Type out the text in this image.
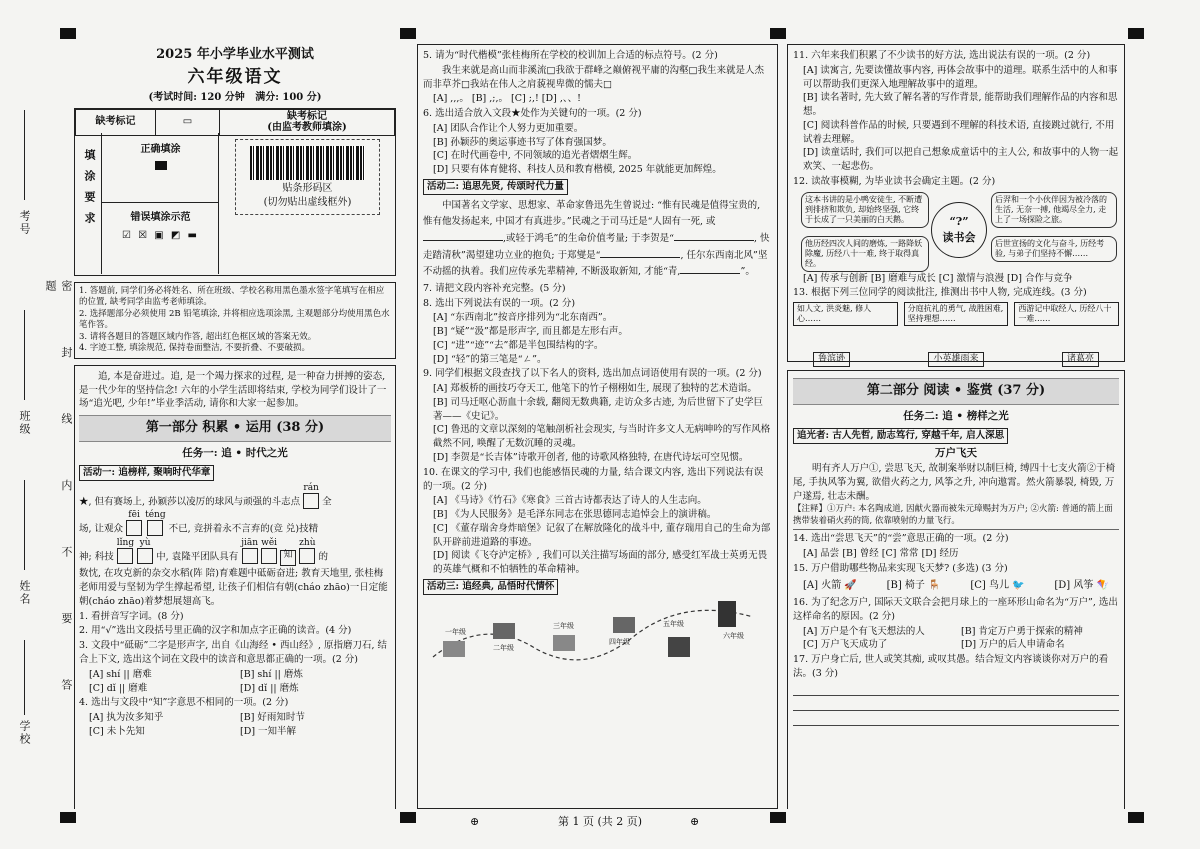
考号
班级
姓名
学校
密 封 线 内 不 要 答 题
2025 年小学毕业水平测试
六年级语文
(考试时间: 120 分钟 满分: 100 分)
缺考标记	▭	缺考标记
(由监考教师填涂)
填涂要求	正确填涂
错误填涂示范
☑ ☒ ▣ ◩ ▬
贴条形码区
(切勿贴出虚线框外)

1. 答题前, 同学们务必将姓名、所在班级、学校名称用黑色墨水签字笔填写在相应的位置, 缺考同学由监考老师填涂。

2. 选择题部分必须使用 2B 铅笔填涂, 并将相应选项涂黑, 主观题部分均使用黑色水笔作答。

3. 请将各题目的答题区域内作答, 超出红色框区域的答案无效。

4. 字迹工整, 填涂规范, 保持卷面整洁, 不要折叠、不要破损。

追, 本是奋进过。追, 是一个竭力探求的过程, 是一种奋力拼搏的姿态, 是一代少年的坚持信念! 六年的小学生活即将结束, 学校为同学们设计了一场“追光吧, 少年!”毕业季活动, 请你和大家一起参加。

第一部分 积累 • 运用 (38 分)
任务一: 追 • 时代之光
活动一: 追榜样, 聚响时代华章
★, 但有赛场上, 孙颖莎以凌厉的球风与顽强的斗志点
rán
全
场, 让观众
fēi
téng
不已, 竞拼着永不言弃的(竞 兑)技精
神; 科技
lǐng
yù
中, 袁隆平团队具有
jiān
wěi

知
zhù
的

数忱, 在攻克新的杂交水稻(阵 陪)育难题中砥砺奋进; 教育天地里, 张桂梅老师用爱与坚韧为学生撑起希望, 让孩子们相信有朝(cháo zhāo)一日定能朝(cháo zhāo)着梦想展翅高飞。

1. 看拼音写字词。(8 分)

2. 用“√”选出文段括号里正确的汉字和加点字正确的读音。(4 分)

3. 文段中“砥砺”二字是形声字, 出自《山海经 • 西山经》, 原指磨刀石, 结合上下文, 选出这个词在文段中的读音和意思都正确的一项。(2 分)

[A] shí || 磨难	[B] shí || 磨炼
[C] dǐ || 磨难	[D] dǐ || 磨炼

4. 选出与文段中“知”字意思不相同的一项。(2 分)

[A] 执为汝多知乎	[B] 好雨知时节
[C] 未卜先知	[D] 一知半解

5. 请为“时代楷模”张桂梅所在学校的校训加上合适的标点符号。(2 分)

我生来就是高山而非溪流□我欲于群峰之巅俯视平庸的沟壑□我生来就是人杰而非草芥□我站在伟人之肩藐视卑微的懦夫□

[A] ,,,。 [B] ,;,。 [C] ;,! [D] ,、、!

6. 选出适合放入文段★处作为关键句的一项。(2 分)

[A] 团队合作让个人努力更加重要。

[B] 孙颖莎的奥运事迹书写了体育强国梦。

[C] 在时代画卷中, 不同领域的追光者熠熠生辉。

[D] 只要有体育健将、科技人员和教育楷模, 2025 年就能更加辉煌。

活动二: 追思先贤, 传颂时代力量

中国著名文学家、思想家、革命家鲁迅先生曾说过: “惟有民魂是值得宝贵的, 惟有他发扬起来, 中国才有真进步。”民魂之于司马迁是“人固有一死, 或,或轻于鸿毛”的生命价值考量; 于李贺是“	, 快走踏清秋”渴望建功立业的抱负; 于郑燮是“	, 任尔东西南北风”坚不动摇的执着。我们应传承先辈精神, 不断汲取新知, 才能“青,	”。

7. 请把文段内容补充完整。(5 分)

8. 选出下列说法有误的一项。(2 分)

[A] “东西南北”按音序排列为“北东南西”。

[B] “疑”“汲”都是形声字, 而且都是左形右声。

[C] “进”“迹”“去”都是半包围结构的字。

[D] “轻”的第三笔是“ㄥ”。

9. 同学们根据文段查找了以下名人的资料, 选出加点词语使用有误的一项。(2 分)

[A] 郑板桥的画技巧夺天工, 他笔下的竹子栩栩如生, 展现了独特的艺术造诣。

[B] 司马迁呕心沥血十余载, 翻阅无数典籍, 走访众多古迹, 为后世留下了史学巨著——《史记》。

[C] 鲁迅的文章以深刻的笔触剖析社会现实, 与当时许多文人无病呻吟的写作风格截然不同, 唤醒了无数沉睡的灵魂。

[D] 李贺是“长吉体”诗歌开创者, 他的诗歌风格独特, 在唐代诗坛可空见惯。

10. 在课文的学习中, 我们也能感悟民魂的力量, 结合课文内容, 选出下列说法有误的一项。(2 分)

[A] 《马诗》《竹石》《寒食》三首古诗都表达了诗人的人生志向。

[B] 《为人民服务》是毛泽东同志在张思德同志追悼会上的演讲稿。

[C] 《董存瑞舍身炸暗堡》记叙了在解放隆化的战斗中, 董存瑞用自己的生命为部队开辟前进道路的事迹。

[D] 阅读《飞夺泸定桥》, 我们可以关注描写场面的部分, 感受红军战士英勇无畏的英雄气概和不怕牺牲的革命精神。

活动三: 追经典, 品悟时代情怀
一年级
二年级
三年级
四年级
五年级
六年级

11. 六年来我们积累了不少读书的好方法, 选出说法有误的一项。(2 分)

[A] 读寓言, 先要读懂故事内容, 再体会故事中的道理。联系生活中的人和事可以帮助我们更深入地理解故事中的道理。

[B] 读名著时, 先大致了解名著的写作背景, 能帮助我们理解作品的内容和思想。

[C] 阅读科普作品的时候, 只要遇到不理解的科技术语, 直接跳过就行, 不用试着去理解。

[D] 读童话时, 我们可以把自己想象成童话中的主人公, 和故事中的人物一起欢笑、一起悲伤。

12. 读故事模糊, 为毕业读书会确定主题。(2 分)

这本书讲的是小鸭安徒生, 不断遭到排挤和欺负, 却始终坚强, 它终于长成了一只美丽的白天鹅。
后羿和一个小伙伴因为被冷落的生活, 无奈一搏, 他竭尽全力, 走上了一场探险之旅。
他历经四次人间的磨炼, 一路降妖除魔, 历经八十一难, 终于取得真经。
后世宣扬的文化与奋斗, 历经考验, 与弟子们坚持不懈……
“?”
读书会

[A] 传承与创新 [B] 磨难与成长 [C] 激情与浪漫 [D] 合作与竞争

13. 根据下列三位同学的阅读批注, 推测出书中人物, 完成连线。(3 分)

如人文, 洪炎魅, 修人心……
分庭抗礼的勇气, 战胜困难, 坚持理想……
西游记中取经人, 历经八十一难……
鲁滨逊	小英雄雨来	诸葛亮
第二部分 阅读 • 鉴赏 (37 分)
任务二: 追 • 榜样之光
追光者: 古人先哲, 励志笃行, 穿越千年, 启人深思
万户飞天

明有齐人万户①, 尝思飞天, 故制案举财以制巨椅, 缚四十七支火箭②于椅尾, 手执风筝为翼, 欲借火药之力, 风筝之升, 冲向遨霄。然火箭暴裂, 椅毁, 万户遂焉, 壮志未酬。

【注释】①万户: 本名陶成道, 因献火器而被朱元璋赐封为万户; ②火箭: 普通的箭上面携带装着硝火药的筒, 依靠喷射的力量飞行。

14. 选出“尝思飞天”的“尝”意思正确的一项。(2 分)

[A] 品尝 [B] 曾经 [C] 常常 [D] 经历

15. 万户借助哪些物品来实现飞天梦? (多选) (3 分)

[A] 火箭 🚀	[B] 椅子 🪑	[C] 鸟儿 🐦	[D] 风筝 🪁

16. 为了纪念万户, 国际天文联合会把月球上的一座环形山命名为“万户”, 选出这样命名的原因。(2 分)

[A] 万户是个有飞天想法的人	[B] 肯定万户勇于探索的精神
[C] 万户飞天成功了	[D] 万户的后人申请命名

17. 万户身亡后, 世人或笑其痴, 或叹其愚。结合短文内容谈谈你对万户的看法。(3 分)

⊕	第 1 页 (共 2 页)	⊕
